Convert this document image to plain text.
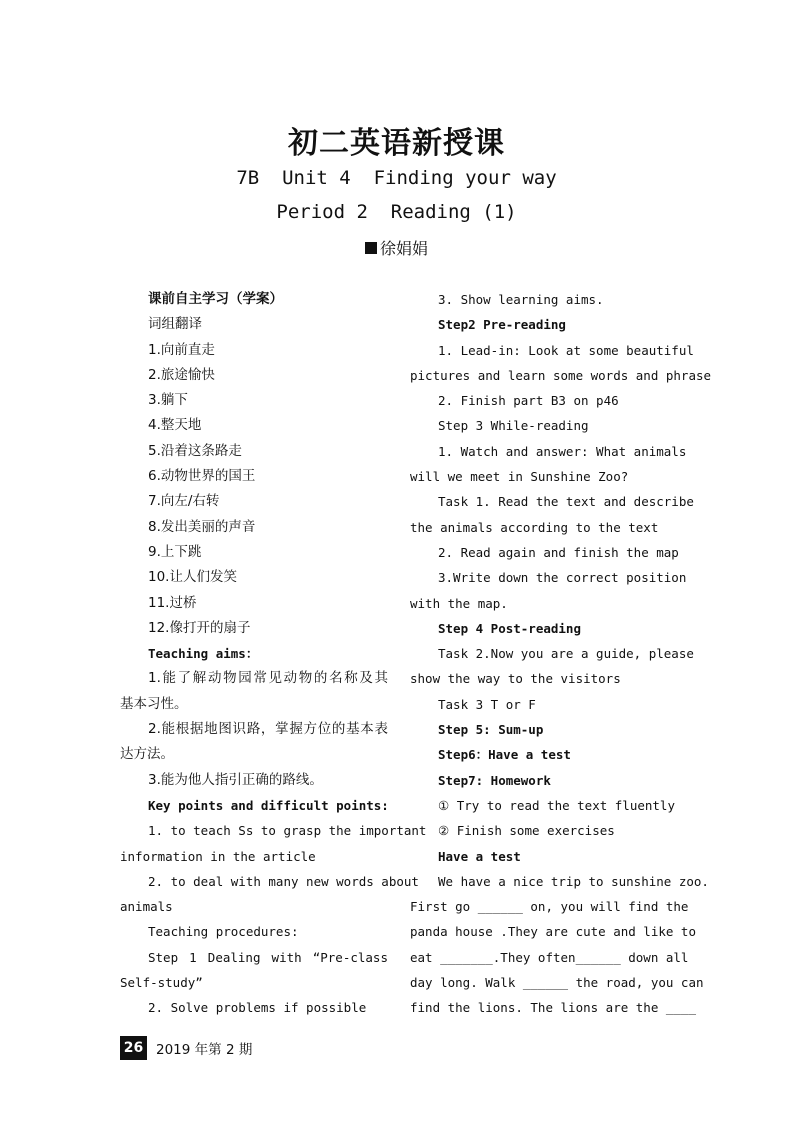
初二英语新授课
7B  Unit 4  Finding your way
Period 2  Reading (1)
徐娟娟
课前自主学习（学案）
词组翻译
1.向前直走
2.旅途愉快
3.躺下
4.整天地
5.沿着这条路走
6.动物世界的国王
7.向左/右转
8.发出美丽的声音
9.上下跳
10.让人们发笑
11.过桥
12.像打开的扇子
Teaching aims：
1.能了解动物园常见动物的名称及其
基本习性。
2.能根据地图识路，掌握方位的基本表
达方法。
3.能为他人指引正确的路线。
Key points and difficult points:
1. to teach Ss to grasp the important
information in the article
2. to deal with many new words about
animals
Teaching procedures:
Step 1 Dealing with “Pre-class
Self-study”
2. Solve problems if possible
3. Show learning aims.
Step2 Pre-reading
1. Lead-in: Look at some beautiful
pictures and learn some words and phrase
2. Finish part B3 on p46
Step 3 While-reading
1. Watch and answer: What animals
will we meet in Sunshine Zoo?
Task 1. Read the text and describe
the animals according to the text
2. Read again and finish the map
3.Write down the correct position
with the map.
Step 4 Post-reading
Task 2.Now you are a guide, please
show the way to the visitors
Task 3 T or F
Step 5: Sum-up
Step6：Have a test
Step7: Homework
① Try to read the text fluently
② Finish some exercises
Have a test
We have a nice trip to sunshine zoo.
First go ______ on, you will find the
panda house .They are cute and like to
eat _______.They often______ down all
day long. Walk ______ the road, you can
find the lions. The lions are the ____
26 2019 年第 2 期
